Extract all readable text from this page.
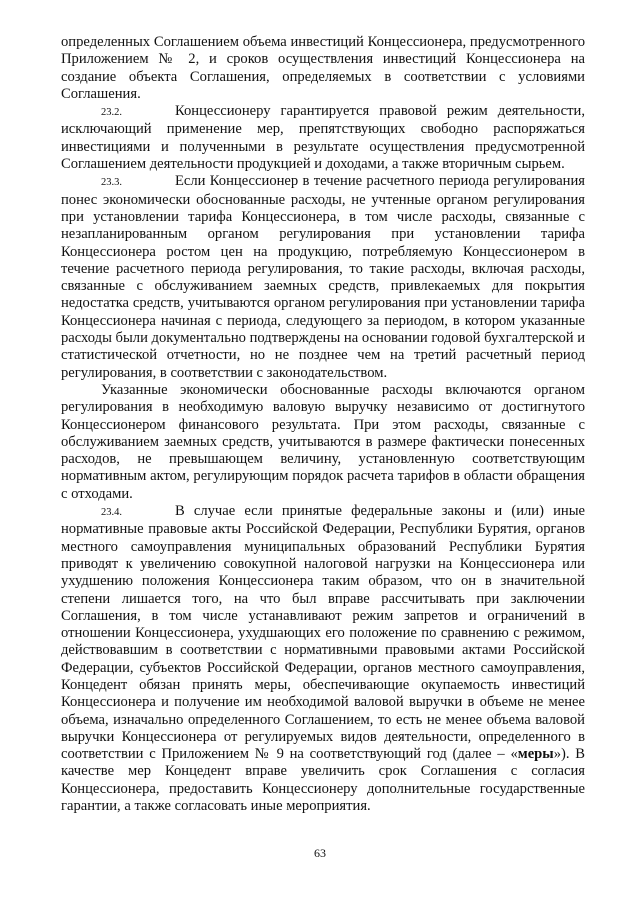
определенных Соглашением объема инвестиций Концессионера, предусмотренного Приложением № 2, и сроков осуществления инвестиций Концессионера на создание объекта Соглашения, определяемых в соответствии с условиями Соглашения.

23.2.	Концессионеру гарантируется правовой режим деятельности, исключающий применение мер, препятствующих свободно распоряжаться инвестициями и полученными в результате осуществления предусмотренной Соглашением деятельности продукцией и доходами, а также вторичным сырьем.

23.3.	Если Концессионер в течение расчетного периода регулирования понес экономически обоснованные расходы, не учтенные органом регулирования при установлении тарифа Концессионера, в том числе расходы, связанные с незапланированным органом регулирования при установлении тарифа Концессионера ростом цен на продукцию, потребляемую Концессионером в течение расчетного периода регулирования, то такие расходы, включая расходы, связанные с обслуживанием заемных средств, привлекаемых для покрытия недостатка средств, учитываются органом регулирования при установлении тарифа Концессионера начиная с периода, следующего за периодом, в котором указанные расходы были документально подтверждены на основании годовой бухгалтерской и статистической отчетности, но не позднее чем на третий расчетный период регулирования, в соответствии с законодательством.

Указанные экономически обоснованные расходы включаются органом регулирования в необходимую валовую выручку независимо от достигнутого Концессионером финансового результата. При этом расходы, связанные с обслуживанием заемных средств, учитываются в размере фактически понесенных расходов, не превышающем величину, установленную соответствующим нормативным актом, регулирующим порядок расчета тарифов в области обращения с отходами.

23.4.	В случае если принятые федеральные законы и (или) иные нормативные правовые акты Российской Федерации, Республики Бурятия, органов местного самоуправления муниципальных образований Республики Бурятия приводят к увеличению совокупной налоговой нагрузки на Концессионера или ухудшению положения Концессионера таким образом, что он в значительной степени лишается того, на что был вправе рассчитывать при заключении Соглашения, в том числе устанавливают режим запретов и ограничений в отношении Концессионера, ухудшающих его положение по сравнению с режимом, действовавшим в соответствии с нормативными правовыми актами Российской Федерации, субъектов Российской Федерации, органов местного самоуправления, Концедент обязан принять меры, обеспечивающие окупаемость инвестиций Концессионера и получение им необходимой валовой выручки в объеме не менее объема, изначально определенного Соглашением, то есть не менее объема валовой выручки Концессионера от регулируемых видов деятельности, определенного в соответствии с Приложением № 9 на соответствующий год (далее – «меры»). В качестве мер Концедент вправе увеличить срок Соглашения с согласия Концессионера, предоставить Концессионеру дополнительные государственные гарантии, а также согласовать иные мероприятия.

63
